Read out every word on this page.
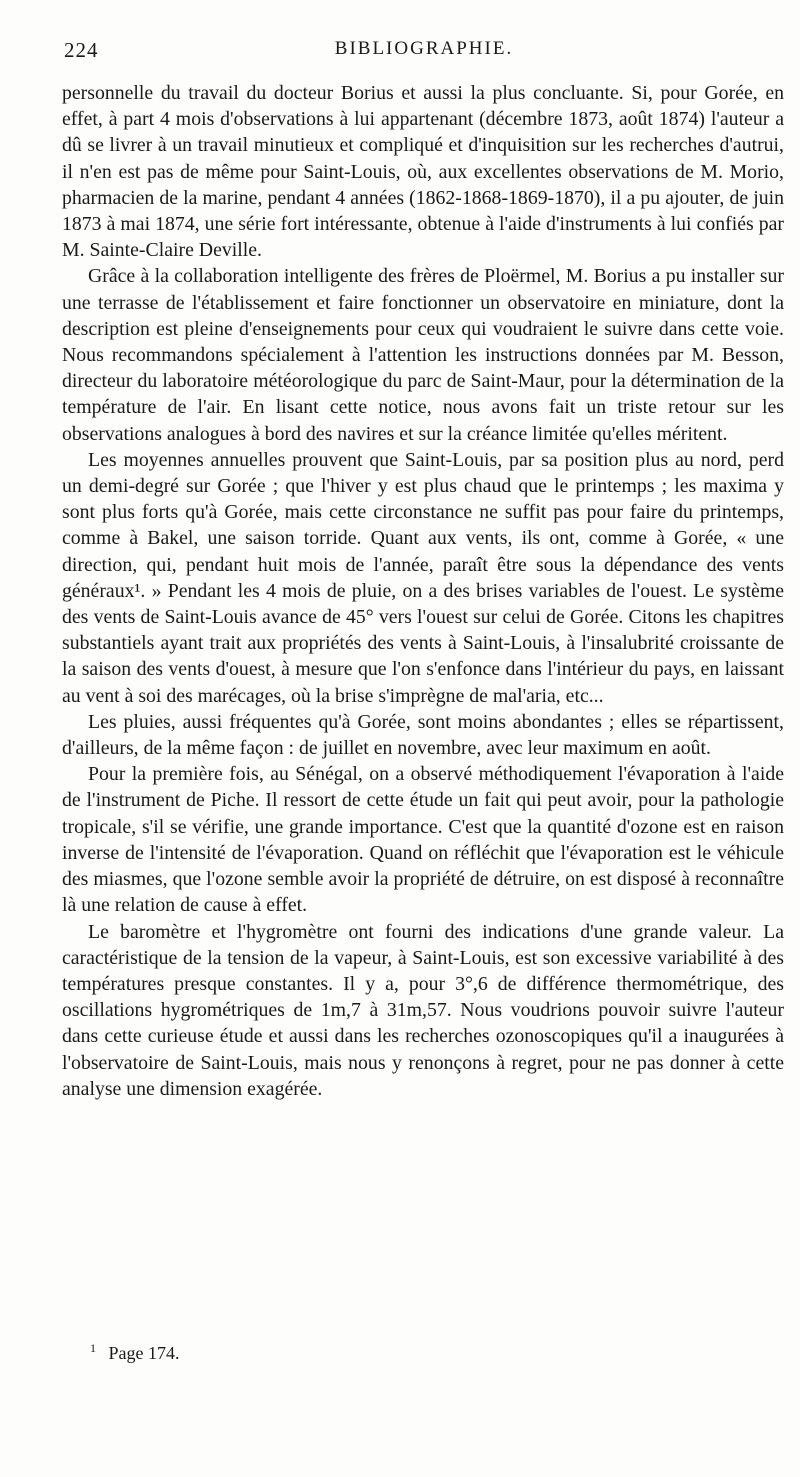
224	BIBLIOGRAPHIE.

personnelle du travail du docteur Borius et aussi la plus concluante. Si, pour Gorée, en effet, à part 4 mois d'observations à lui appartenant (décembre 1873, août 1874) l'auteur a dû se livrer à un travail minutieux et compliqué et d'inquisition sur les recherches d'autrui, il n'en est pas de même pour Saint-Louis, où, aux excellentes observations de M. Morio, pharmacien de la marine, pendant 4 années (1862-1868-1869-1870), il a pu ajouter, de juin 1873 à mai 1874, une série fort intéressante, obtenue à l'aide d'instruments à lui confiés par M. Sainte-Claire Deville.

Grâce à la collaboration intelligente des frères de Ploërmel, M. Borius a pu installer sur une terrasse de l'établissement et faire fonctionner un observatoire en miniature, dont la description est pleine d'enseignements pour ceux qui voudraient le suivre dans cette voie. Nous recommandons spécialement à l'attention les instructions données par M. Besson, directeur du laboratoire météorologique du parc de Saint-Maur, pour la détermination de la température de l'air. En lisant cette notice, nous avons fait un triste retour sur les observations analogues à bord des navires et sur la créance limitée qu'elles méritent.

Les moyennes annuelles prouvent que Saint-Louis, par sa position plus au nord, perd un demi-degré sur Gorée ; que l'hiver y est plus chaud que le printemps ; les maxima y sont plus forts qu'à Gorée, mais cette circonstance ne suffit pas pour faire du printemps, comme à Bakel, une saison torride. Quant aux vents, ils ont, comme à Gorée, « une direction, qui, pendant huit mois de l'année, paraît être sous la dépendance des vents généraux¹. » Pendant les 4 mois de pluie, on a des brises variables de l'ouest. Le système des vents de Saint-Louis avance de 45° vers l'ouest sur celui de Gorée. Citons les chapitres substantiels ayant trait aux propriétés des vents à Saint-Louis, à l'insalubrité croissante de la saison des vents d'ouest, à mesure que l'on s'enfonce dans l'intérieur du pays, en laissant au vent à soi des marécages, où la brise s'imprègne de mal'aria, etc...

Les pluies, aussi fréquentes qu'à Gorée, sont moins abondantes ; elles se répartissent, d'ailleurs, de la même façon : de juillet en novembre, avec leur maximum en août.

Pour la première fois, au Sénégal, on a observé méthodiquement l'évaporation à l'aide de l'instrument de Piche. Il ressort de cette étude un fait qui peut avoir, pour la pathologie tropicale, s'il se vérifie, une grande importance. C'est que la quantité d'ozone est en raison inverse de l'intensité de l'évaporation. Quand on réfléchit que l'évaporation est le véhicule des miasmes, que l'ozone semble avoir la propriété de détruire, on est disposé à reconnaître là une relation de cause à effet.

Le baromètre et l'hygromètre ont fourni des indications d'une grande valeur. La caractéristique de la tension de la vapeur, à Saint-Louis, est son excessive variabilité à des températures presque constantes. Il y a, pour 3°,6 de différence thermométrique, des oscillations hygrométriques de 1m,7 à 31m,57. Nous voudrions pouvoir suivre l'auteur dans cette curieuse étude et aussi dans les recherches ozonoscopiques qu'il a inaugurées à l'observatoire de Saint-Louis, mais nous y renonçons à regret, pour ne pas donner à cette analyse une dimension exagérée.

$^1$ Page 174.
